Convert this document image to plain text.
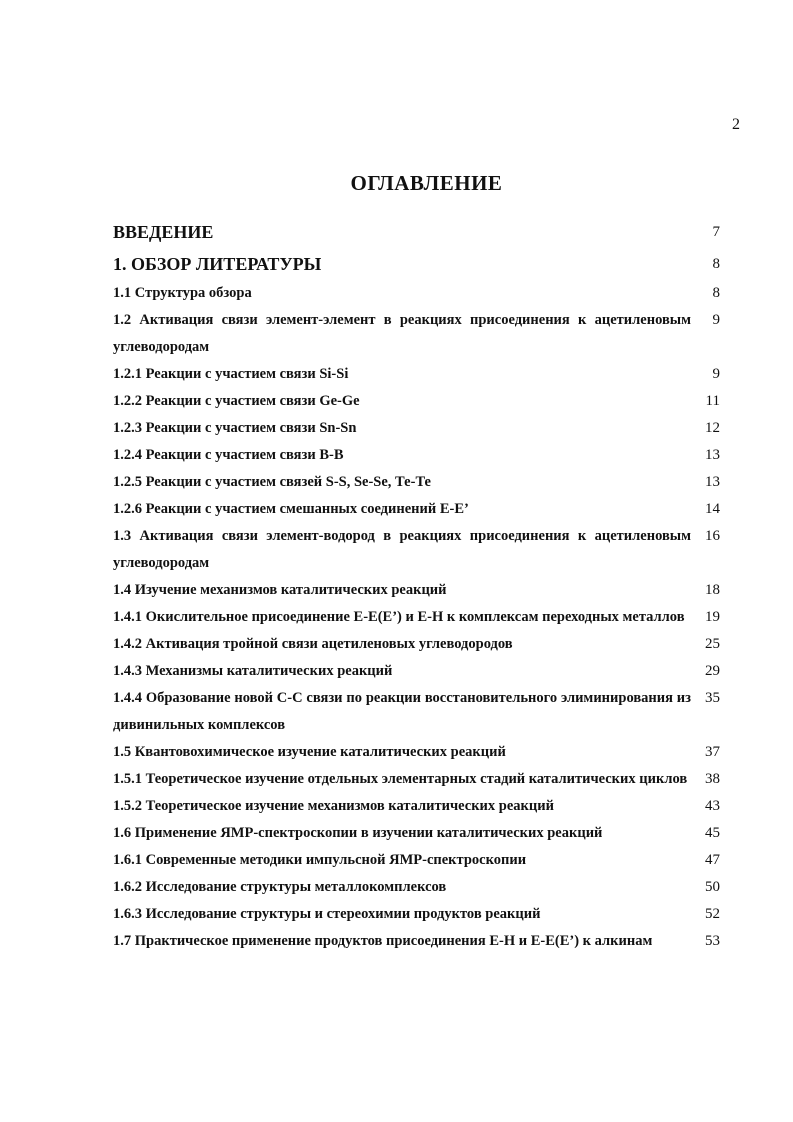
2
ОГЛАВЛЕНИЕ
ВВЕДЕНИЕ	7
1. ОБЗОР ЛИТЕРАТУРЫ	8
1.1 Структура обзора	8
1.2 Активация связи элемент-элемент в реакциях присоединения к ацетиленовым углеводородам
9
1.2.1 Реакции с участием связи Si-Si	9
1.2.2 Реакции с участием связи Ge-Ge	11
1.2.3 Реакции с участием связи Sn-Sn	12
1.2.4 Реакции с участием связи В-В	13
1.2.5 Реакции с участием связей S-S, Se-Se, Те-Те	13
1.2.6 Реакции с участием смешанных соединений Е-Е’	14
1.3 Активация связи элемент-водород в реакциях присоединения к ацетиленовым углеводородам
16
1.4 Изучение механизмов каталитических реакций	18
1.4.1 Окислительное присоединение Е-Е(Е’) и Е-Н к комплексам переходных металлов	19
1.4.2 Активация тройной связи ацетиленовых углеводородов	25
1.4.3 Механизмы каталитических реакций	29
1.4.4 Образование новой С-С связи по реакции восстановительного элиминирования из дивинильных комплексов
35
1.5 Квантовохимическое изучение каталитических реакций	37
1.5.1 Теоретическое изучение отдельных элементарных стадий каталитических циклов 38
1.5.2 Теоретическое изучение механизмов каталитических реакций	43
1.6 Применение ЯМР-спектроскопии в изучении каталитических реакций	45
1.6.1 Современные методики импульсной ЯМР-спектроскопии	47
1.6.2 Исследование структуры металлокомплексов	50
1.6.3 Исследование структуры и стереохимии продуктов реакций	52
1.7 Практическое применение продуктов присоединения Е-Н и Е-Е(Е’) к алкинам	53
